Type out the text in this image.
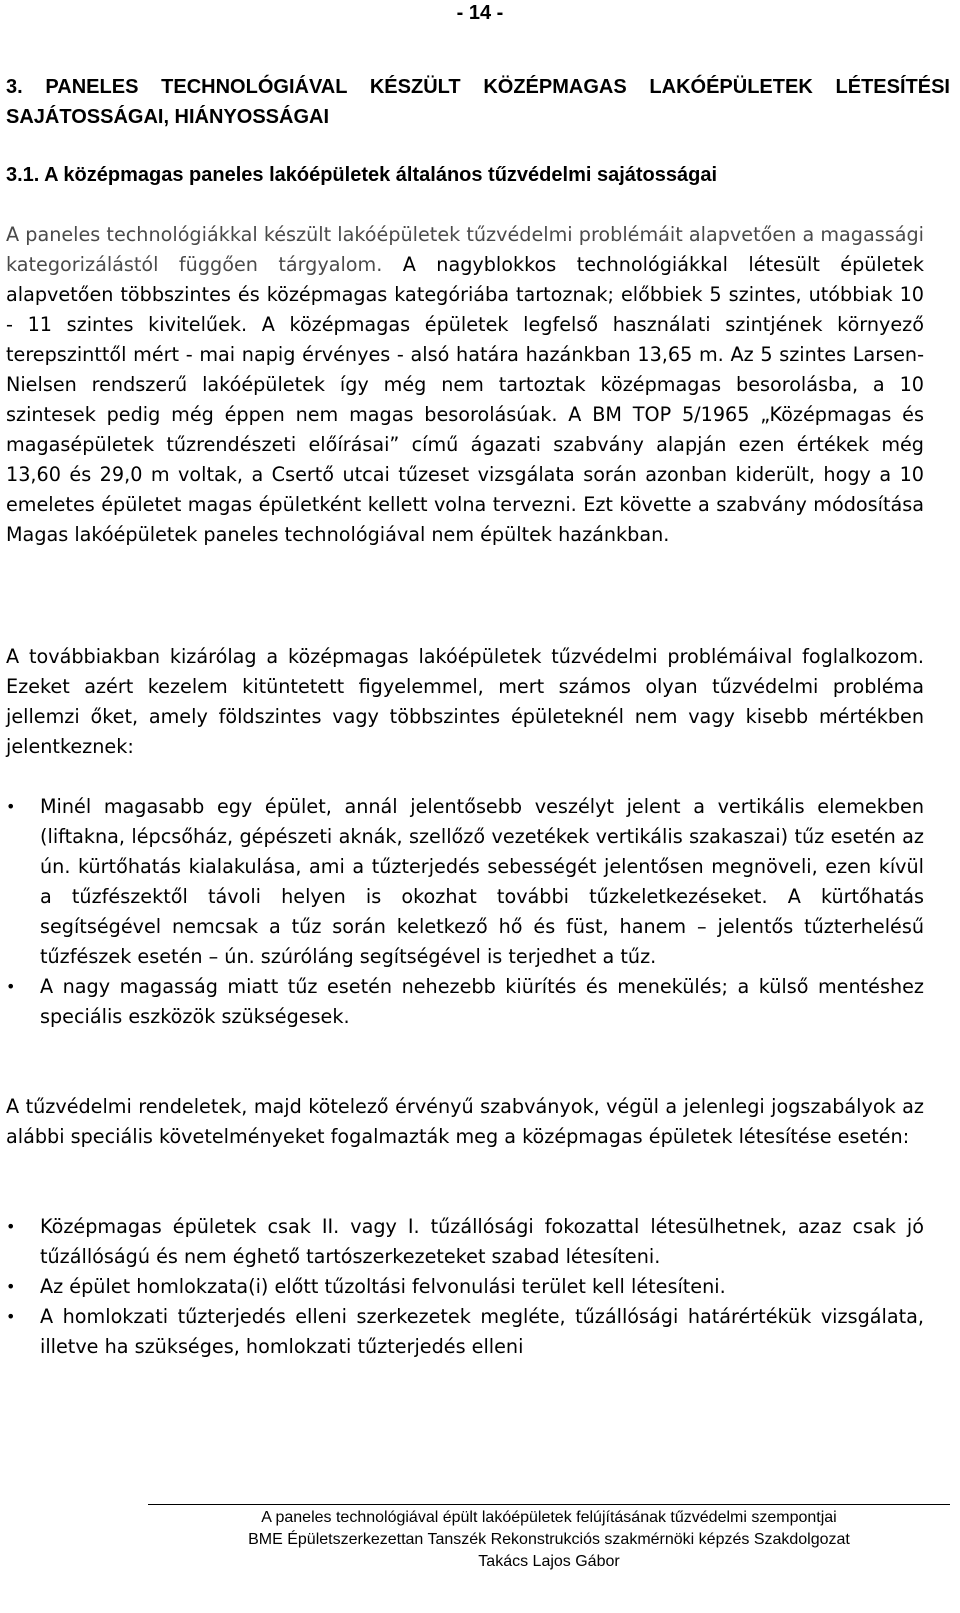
- 14 -
3. PANELES TECHNOLÓGIÁVAL KÉSZÜLT KÖZÉPMAGAS LAKÓÉPÜLETEK LÉTESÍTÉSI SAJÁTOSSÁGAI, HIÁNYOSSÁGAI
3.1. A középmagas paneles lakóépületek általános tűzvédelmi sajátosságai

A paneles technológiákkal készült lakóépületek tűzvédelmi problémáit alapvetően a magassági kategorizálástól függően tárgyalom. A nagyblokkos technológiákkal létesült épületek alapvetően többszintes és középmagas kategóriába tartoznak; előbbiek 5 szintes, utóbbiak 10 - 11 szintes kivitelűek. A középmagas épületek legfelső használati szintjének környező terepszinttől mért - mai napig érvényes - alsó határa hazánkban 13,65 m. Az 5 szintes Larsen-Nielsen rendszerű lakóépületek így még nem tartoztak középmagas besorolásba, a 10 szintesek pedig még éppen nem magas besorolásúak. A BM TOP 5/1965 „Középmagas és magasépületek tűzrendészeti előírásai” című ágazati szabvány alapján ezen értékek még 13,60 és 29,0 m voltak, a Csertő utcai tűzeset vizsgálata során azonban kiderült, hogy a 10 emeletes épületet magas épületként kellett volna tervezni. Ezt követte a szabvány módosítása Magas lakóépületek paneles technológiával nem épültek hazánkban.

A továbbiakban kizárólag a középmagas lakóépületek tűzvédelmi problémáival foglalkozom. Ezeket azért kezelem kitüntetett figyelemmel, mert számos olyan tűzvédelmi probléma jellemzi őket, amely földszintes vagy többszintes épületeknél nem vagy kisebb mértékben jelentkeznek:

• Minél magasabb egy épület, annál jelentősebb veszélyt jelent a vertikális elemekben (liftakna, lépcsőház, gépészeti aknák, szellőző vezetékek vertikális szakaszai) tűz esetén az ún. kürtőhatás kialakulása, ami a tűzterjedés sebességét jelentősen megnöveli, ezen kívül a tűzfészektől távoli helyen is okozhat további tűzkeletkezéseket. A kürtőhatás segítségével nemcsak a tűz során keletkező hő és füst, hanem – jelentős tűzterhelésű tűzfészek esetén – ún. szúróláng segítségével is terjedhet a tűz.
• A nagy magasság miatt tűz esetén nehezebb kiürítés és menekülés; a külső mentéshez speciális eszközök szükségesek.

A tűzvédelmi rendeletek, majd kötelező érvényű szabványok, végül a jelenlegi jogszabályok az alábbi speciális követelményeket fogalmazták meg a középmagas épületek létesítése esetén:

• Középmagas épületek csak II. vagy I. tűzállósági fokozattal létesülhetnek, azaz csak jó tűzállóságú és nem éghető tartószerkezeteket szabad létesíteni.
• Az épület homlokzata(i) előtt tűzoltási felvonulási terület kell létesíteni.
• A homlokzati tűzterjedés elleni szerkezetek megléte, tűzállósági határértékük vizsgálata, illetve ha szükséges, homlokzati tűzterjedés elleni
A paneles technológiával épült lakóépületek felújításának tűzvédelmi szempontjai
BME Épületszerkezettan Tanszék Rekonstrukciós szakmérnöki képzés Szakdolgozat
Takács Lajos Gábor
